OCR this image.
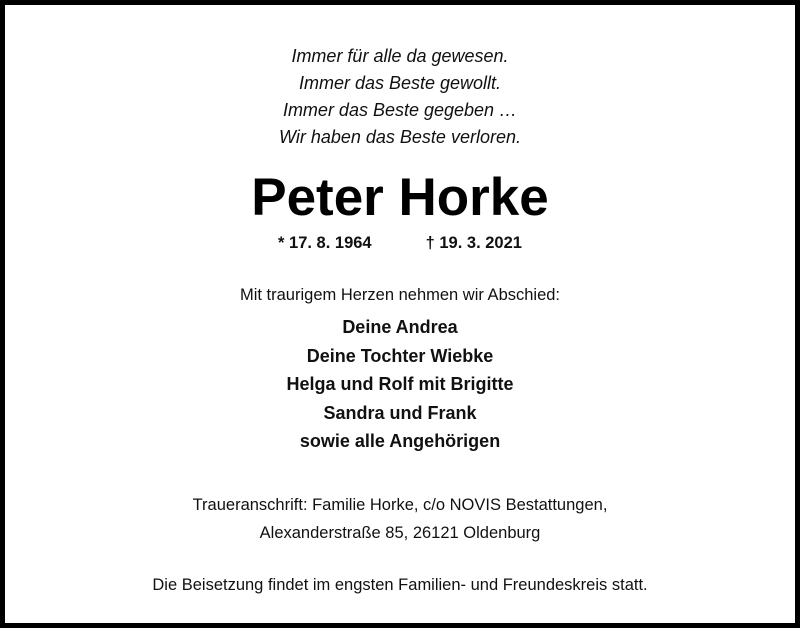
Immer für alle da gewesen.
Immer das Beste gewollt.
Immer das Beste gegeben …
Wir haben das Beste verloren.
Peter Horke
* 17. 8. 1964	† 19. 3. 2021
Mit traurigem Herzen nehmen wir Abschied:
Deine Andrea
Deine Tochter Wiebke
Helga und Rolf mit Brigitte
Sandra und Frank
sowie alle Angehörigen
Traueranschrift: Familie Horke, c/o NOVIS Bestattungen,
Alexanderstraße 85, 26121 Oldenburg
Die Beisetzung findet im engsten Familien- und Freundeskreis statt.
